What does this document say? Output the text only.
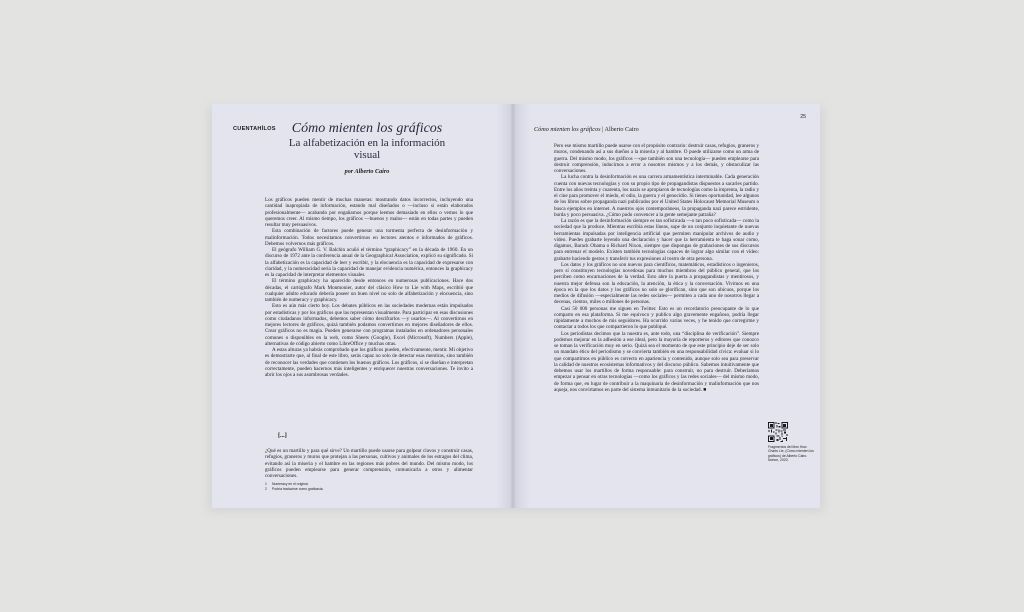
CUENTAHÍLOS	Cómo mienten los gráficos
La alfabetización en la información visual
por Alberto Cairo

Los gráficos pueden mentir de muchas maneras: mostrando datos incorrectos, incluyendo una cantidad inapropiada de información, estando mal diseñados o —incluso si están elaborados profesionalmente— acabando por engañarnos porque leemos demasiado en ellos o vemos lo que queremos creer. Al mismo tiempo, los gráficos —buenos y malos— están en todas partes y pueden resultar muy persuasivos.

Esta combinación de factores puede generar una tormenta perfecta de desinformación y malinformación. Todos necesitamos convertirnos en lectores atentos e informados de gráficos. Debemos volvernos más gráficos.

El geógrafo William G. V. Balchin acuñó el término “graphicacy” en la década de 1960. En un discurso de 1972 ante la conferencia anual de la Geographical Association, explicó su significado. Si la alfabetización es la capacidad de leer y escribir, y la elocuencia es la capacidad de expresarse con claridad, y la numeracidad sería la capacidad de manejar evidencia numérica, entonces la graphicacy es la capacidad de interpretar elementos visuales.

El término graphicacy ha aparecido desde entonces en numerosas publicaciones. Hace dos décadas, el cartógrafo Mark Monmonier, autor del clásico How to Lie with Maps, escribió que cualquier adulto educado debería poseer un buen nivel no solo de alfabetización y elocuencia, sino también de numeracy y graphicacy.

Esto es aún más cierto hoy. Los debates públicos en las sociedades modernas están impulsados por estadísticas y por los gráficos que las representan visualmente. Para participar en esas discusiones como ciudadanos informados, debemos saber cómo descifrarlos —y usarlos—. Al convertirnos en mejores lectores de gráficos, quizá también podamos convertirnos en mejores diseñadores de ellos. Crear gráficos no es magia. Pueden generarse con programas instalados en ordenadores personales comunes o disponibles en la web, como Sheets (Google), Excel (Microsoft), Numbers (Apple), alternativas de código abierto como LibreOffice y muchas otras.

A estas alturas ya habrás comprobado que los gráficos pueden, efectivamente, mentir. Mi objetivo es demostrarte que, al final de este libro, serás capaz no solo de detectar esas mentiras, sino también de reconocer las verdades que contienen los buenos gráficos. Los gráficos, si se diseñan e interpretan correctamente, pueden hacernos más inteligentes y enriquecer nuestras conversaciones. Te invito a abrir los ojos a sus asombrosas verdades.

[...]

¿Qué es un martillo y para qué sirve? Un martillo puede usarse para golpear clavos y construir casas, refugios, graneros y muros que protejan a las personas, cultivos y animales de los estragos del clima, evitando así la miseria y el hambre en las regiones más pobres del mundo. Del mismo modo, los gráficos pueden emplearse para generar comprensión, comunicarla a otros y alimentar conversaciones.

1 Numeracy en el original.
2 Podría traducirse como graficacia.
Cómo mienten los gráficos | Alberto Cairo
25

Pero ese mismo martillo puede usarse con el propósito contrario: destruir casas, refugios, graneros y muros, condenando así a sus dueños a la miseria y al hambre. O puede utilizarse como un arma de guerra. Del mismo modo, los gráficos —que también son una tecnología— pueden emplearse para destruir comprensión, inducirnos a error a nosotros mismos y a los demás, y obstaculizar las conversaciones.

La lucha contra la desinformación es una carrera armamentística interminable. Cada generación cuenta con nuevas tecnologías y con su propio tipo de propagandistas dispuestos a sacarles partido. Entre los años treinta y cuarenta, los nazis se apropiaron de tecnologías como la imprenta, la radio y el cine para promover el miedo, el odio, la guerra y el genocidio. Si tienes oportunidad, lee algunos de los libros sobre propaganda nazi publicados por el United States Holocaust Memorial Museum o busca ejemplos en internet. A nuestros ojos contemporáneos, la propaganda nazi parece estridente, burda y poco persuasiva. ¿Cómo pudo convencer a la gente semejante patraña?

La razón es que la desinformación siempre es tan sofisticada —o tan poco sofisticada— como la sociedad que la produce. Mientras escribía estas líneas, supe de un conjunto inquietante de nuevas herramientas impulsadas por inteligencia artificial que permiten manipular archivos de audio y vídeo. Puedes grabarte leyendo una declaración y hacer que la herramienta te haga sonar como, digamos, Barack Obama o Richard Nixon, siempre que dispongas de grabaciones de sus discursos para entrenar el modelo. Existen también tecnologías capaces de lograr algo similar con el vídeo: grabarte haciendo gestos y transferir tus expresiones al rostro de otra persona.

Los datos y los gráficos no son nuevos para científicos, matemáticos, estadísticos o ingenieros, pero sí constituyen tecnologías novedosas para muchos miembros del público general, que los perciben como encarnaciones de la verdad. Esto abre la puerta a propagandistas y mentirosos, y nuestra mejor defensa son la educación, la atención, la ética y la conversación. Vivimos en una época en la que los datos y los gráficos no solo se glorifican, sino que son ubicuos, porque los medios de difusión —especialmente las redes sociales— permiten a cada uno de nosotros llegar a decenas, cientos, miles o millones de personas.

Casi 50 000 personas me siguen en Twitter. Esto es un recordatorio preocupante de lo que comparto en esa plataforma. Si me equivoco y publico algo gravemente engañoso, podría llegar rápidamente a muchos de mis seguidores. Ha ocurrido varias veces, y he tenido que corregirme y contactar a todos los que compartieron lo que publiqué.

Los periodistas decimos que la nuestra es, ante todo, una “disciplina de verificación”. Siempre podemos mejorar en la adhesión a ese ideal, pero la mayoría de reporteros y editores que conozco se toman la verificación muy en serio. Quizá sea el momento de que este principio deje de ser solo un mandato ético del periodismo y se convierta también en una responsabilidad cívica: evaluar si lo que compartimos en público es correcto en apariencia y contenido, aunque solo sea para preservar la calidad de nuestros ecosistemas informativos y del discurso público. Sabemos intuitivamente que debemos usar los martillos de forma responsable: para construir, no para destruir. Deberíamos empezar a pensar en otras tecnologías —como los gráficos y las redes sociales— del mismo modo, de forma que, en lugar de contribuir a la maquinaria de desinformación y malinformación que nos aqueja, nos convirtamos en parte del sistema inmunitario de la sociedad. ■

Fragmentos del libro How Charts Lie, (Cómo mienten los gráficos) de Alberto Cairo. Norton, 2020.
